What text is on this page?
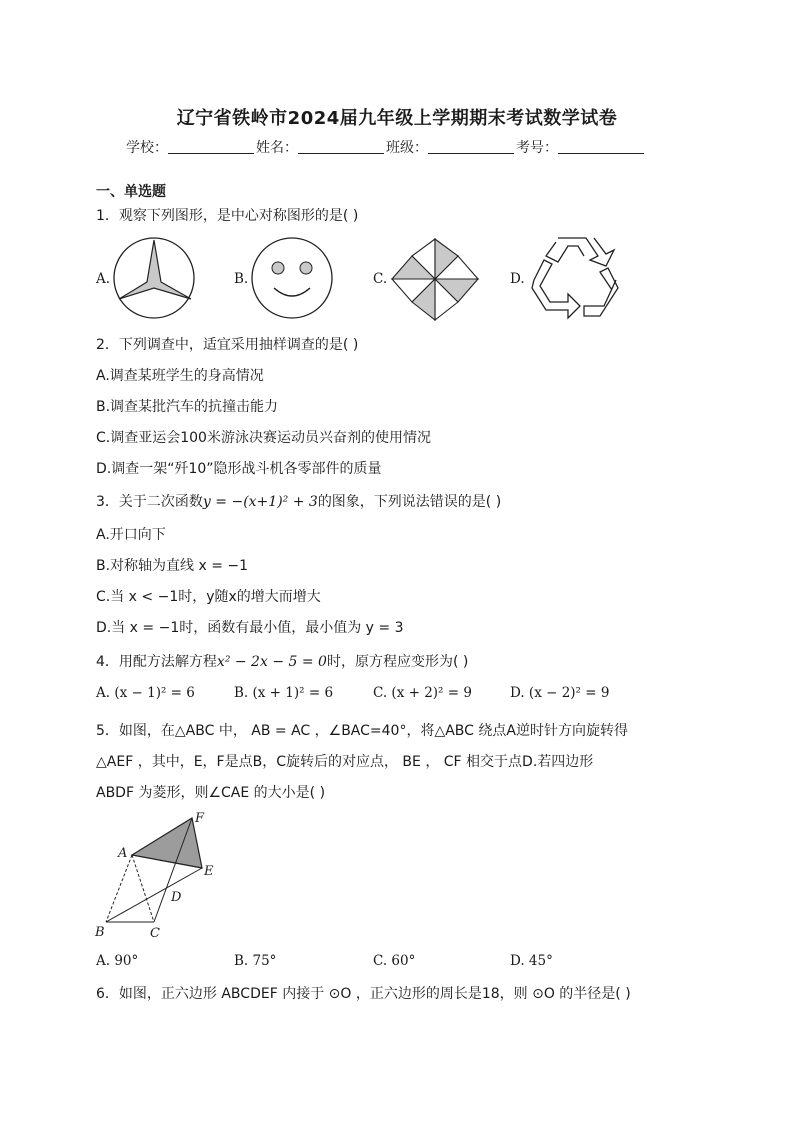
辽宁省铁岭市2024届九年级上学期期末考试数学试卷
学校：	姓名：	班级：	考号：
一、单选题
1．观察下列图形，是中心对称图形的是( )
A.	B.	C.	D.
2．下列调查中，适宜采用抽样调查的是( )
A.调查某班学生的身高情况
B.调查某批汽车的抗撞击能力
C.调查亚运会100米游泳决赛运动员兴奋剂的使用情况
D.调查一架“歼10”隐形战斗机各零部件的质量
3．关于二次函数y = −(x+1)² + 3的图象，下列说法错误的是( )
A.开口向下
B.对称轴为直线 x = −1
C.当 x < −1时，y随x的增大而增大
D.当 x = −1时，函数有最小值，最小值为 y = 3
4．用配方法解方程x² − 2x − 5 = 0时，原方程应变形为( )
A. (x − 1)² = 6	B. (x + 1)² = 6	C. (x + 2)² = 9	D. (x − 2)² = 9
5．如图，在△ABC 中， AB = AC ，∠BAC=40°，将△ABC 绕点A逆时针方向旋转得
△AEF ，其中，E，F是点B，C旋转后的对应点， BE ， CF 相交于点D.若四边形
ABDF 为菱形，则∠CAE 的大小是( )
A
B	C
D
E
F
A. 90°	B. 75°	C. 60°	D. 45°
6．如图，正六边形 ABCDEF 内接于 ⊙O ，正六边形的周长是18，则 ⊙O 的半径是( )
